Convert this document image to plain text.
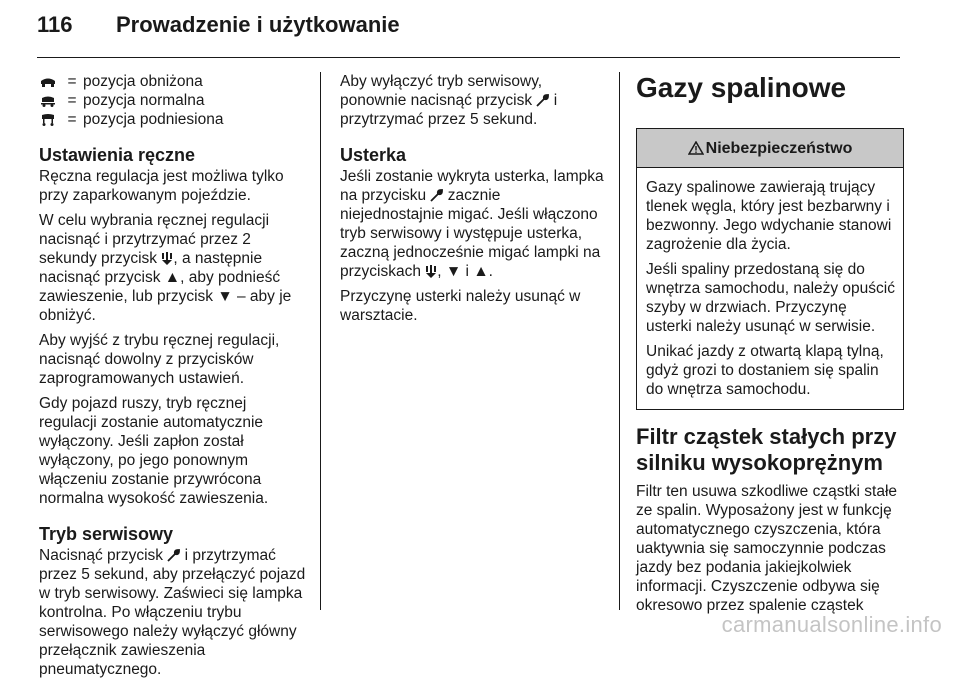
116 Prowadzenie i użytkowanie
= pozycja obniżona
= pozycja normalna
= pozycja podniesiona
Ustawienia ręczne

Ręczna regulacja jest możliwa tylko przy zaparkowanym pojeździe.

W celu wybrania ręcznej regulacji nacisnąć i przytrzymać przez 2 sekundy przycisk , a następnie nacisnąć przycisk ▲, aby podnieść zawieszenie, lub przycisk ▼ – aby je obniżyć.

Aby wyjść z trybu ręcznej regulacji, nacisnąć dowolny z przycisków zaprogramowanych ustawień.

Gdy pojazd ruszy, tryb ręcznej regulacji zostanie automatycznie wyłączony. Jeśli zapłon został wyłączony, po jego ponownym włączeniu zostanie przywrócona normalna wysokość zawieszenia.

Tryb serwisowy

Nacisnąć przycisk  i przytrzymać przez 5 sekund, aby przełączyć pojazd w tryb serwisowy. Zaświeci się lampka kontrolna. Po włączeniu trybu serwisowego należy wyłączyć główny przełącznik zawieszenia pneumatycznego.

Aby wyłączyć tryb serwisowy, ponownie nacisnąć przycisk  i przytrzymać przez 5 sekund.

Usterka

Jeśli zostanie wykryta usterka, lampka na przycisku  zacznie niejednostajnie migać. Jeśli włączono tryb serwisowy i występuje usterka, zaczną jednocześnie migać lampki na przyciskach , ▼ i ▲.

Przyczynę usterki należy usunąć w warsztacie.

Gazy spalinowe
Niebezpieczeństwo

Gazy spalinowe zawierają trujący tlenek węgla, który jest bezbarwny i bezwonny. Jego wdychanie stanowi zagrożenie dla życia.

Jeśli spaliny przedostaną się do wnętrza samochodu, należy opuścić szyby w drzwiach. Przyczynę usterki należy usunąć w serwisie.

Unikać jazdy z otwartą klapą tylną, gdyż grozi to dostaniem się spalin do wnętrza samochodu.

Filtr cząstek stałych przy silniku wysokoprężnym

Filtr ten usuwa szkodliwe cząstki stałe ze spalin. Wyposażony jest w funkcję automatycznego czyszczenia, która uaktywnia się samoczynnie podczas jazdy bez podania jakiejkolwiek informacji. Czyszczenie odbywa się okresowo przez spalenie cząstek

carmanualsonline.info
